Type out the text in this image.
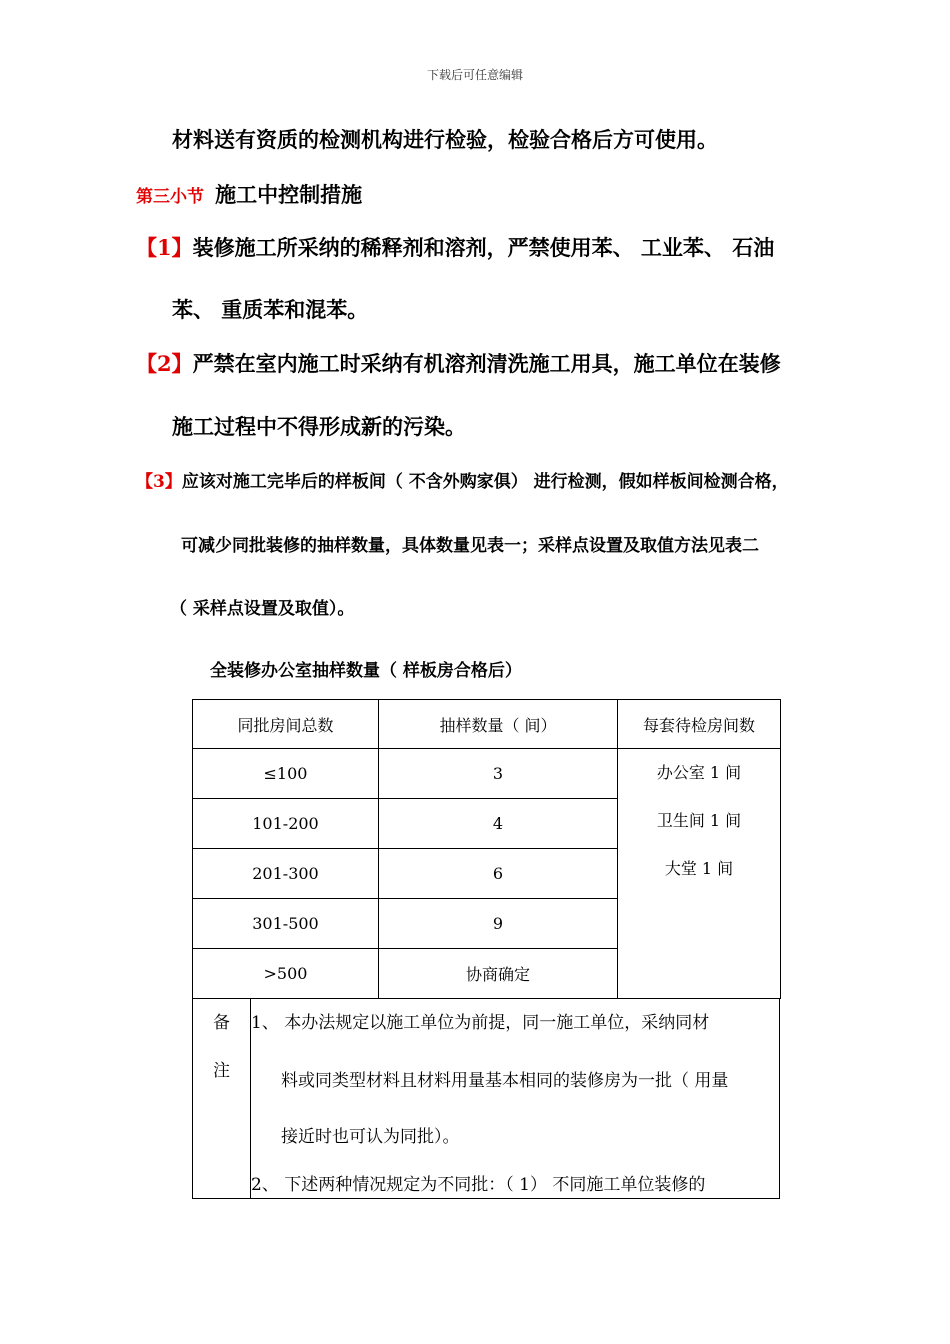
下载后可任意编辑
材料送有资质的检测机构进行检验，检验合格后方可使用。
第三小节 施工中控制措施
【1】装修施工所采纳的稀释剂和溶剂，严禁使用苯、 工业苯、 石油
苯、 重质苯和混苯。
【2】严禁在室内施工时采纳有机溶剂清洗施工用具，施工单位在装修
施工过程中不得形成新的污染。
【3】应该对施工完毕后的样板间（ 不含外购家俱） 进行检测，假如样板间检测合格，
可减少同批装修的抽样数量，具体数量见表一；采样点设置及取值方法见表二
（ 采样点设置及取值）。
全装修办公室抽样数量（ 样板房合格后）
同批房间总数	抽样数量（ 间）	每套待检房间数
≤100	3	办公室 1 间
卫生间 1 间
大堂 1 间

101-200	4	
201-300	6	
301-500	9	
>500	协商确定	
备
注
1、 本办法规定以施工单位为前提，同一施工单位，采纳同材
料或同类型材料且材料用量基本相同的装修房为一批（ 用量
接近时也可认为同批）。
2、 下述两种情况规定为不同批：（ 1） 不同施工单位装修的
